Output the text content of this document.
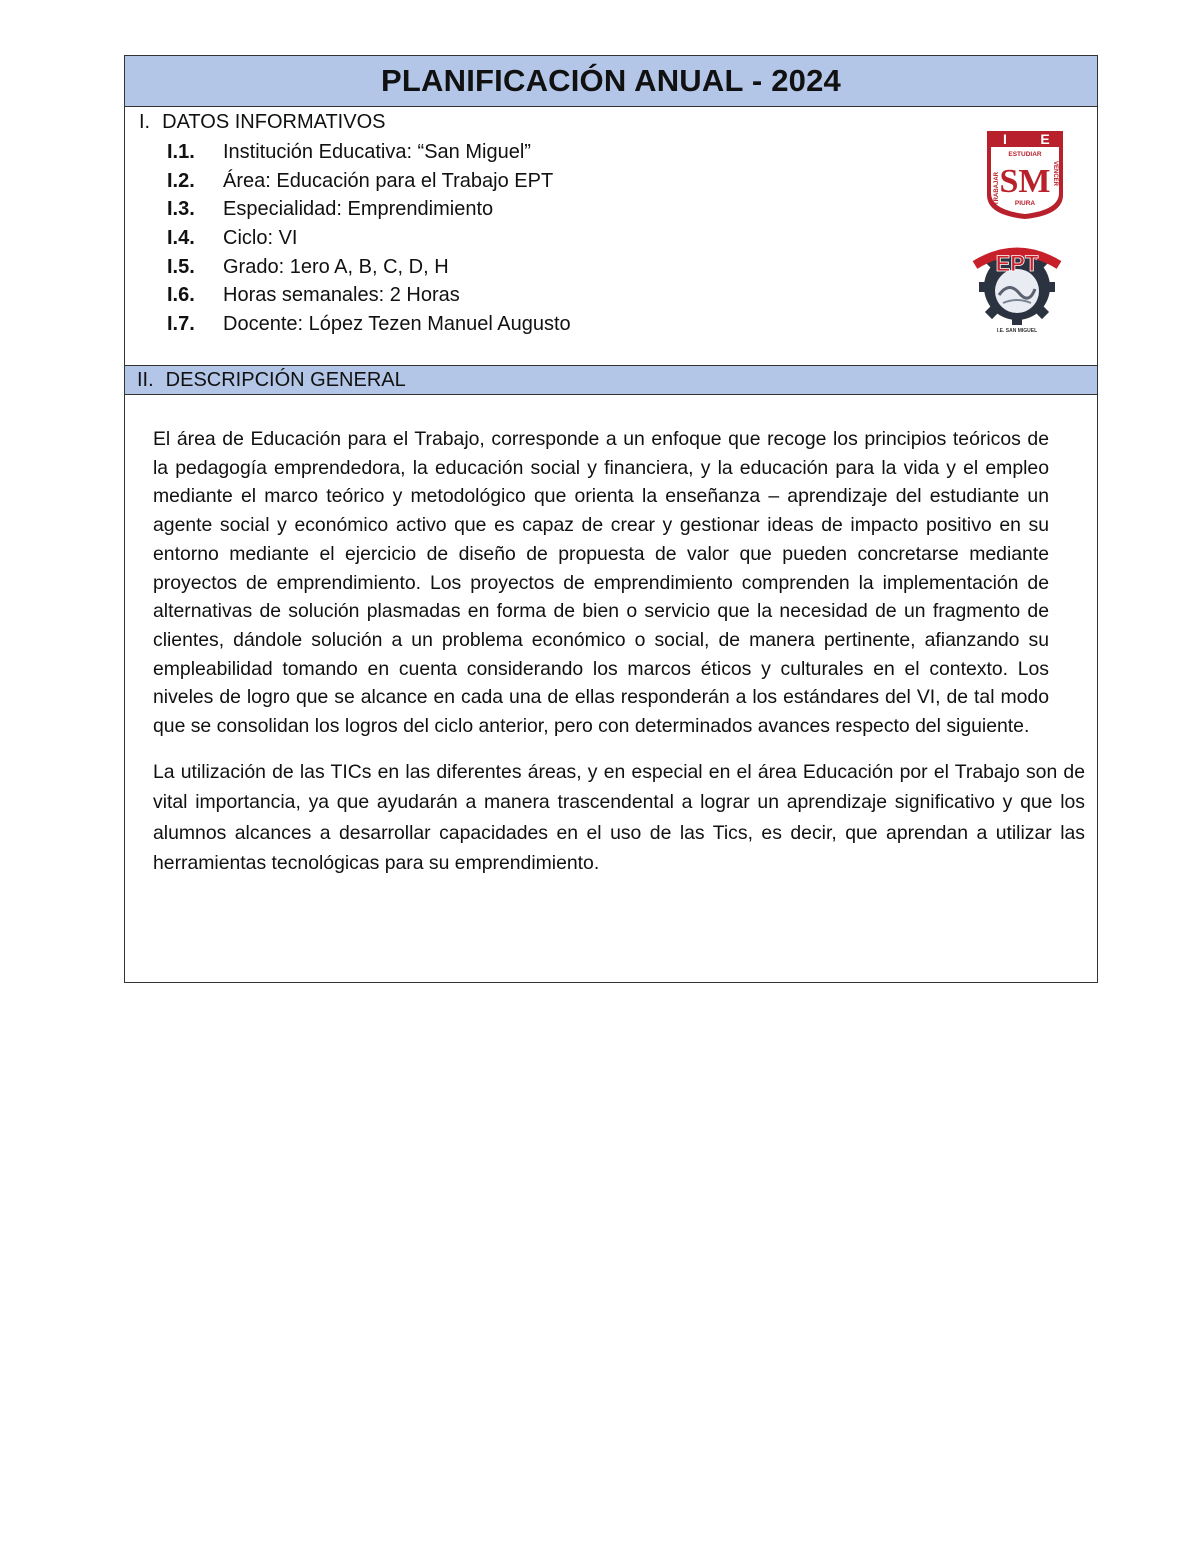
PLANIFICACIÓN ANUAL - 2024
I. DATOS INFORMATIVOS
I.1.	Institución Educativa: “San Miguel”
I.2.	Área: Educación para el Trabajo EPT
I.3.	Especialidad: Emprendimiento
I.4.	Ciclo: VI
I.5.	Grado: 1ero A, B, C, D, H
I.6.	Horas semanales: 2 Horas
I.7.	Docente: López Tezen Manuel Augusto
I E
ESTUDIAR
SM
PIURA
TRABAJAR	VENCER
EPT
I.E. SAN MIGUEL
II. DESCRIPCIÓN GENERAL

El área de Educación para el Trabajo, corresponde a un enfoque que recoge los principios teóricos de la pedagogía emprendedora, la educación social y financiera, y la educación para la vida y el empleo mediante el marco teórico y metodológico que orienta la enseñanza – aprendizaje del estudiante un agente social y económico activo que es capaz de crear y gestionar ideas de impacto positivo en su entorno mediante el ejercicio de diseño de propuesta de valor que pueden concretarse mediante proyectos de emprendimiento. Los proyectos de emprendimiento comprenden la implementación de alternativas de solución plasmadas en forma de bien o servicio que la necesidad de un fragmento de clientes, dándole solución a un problema económico o social, de manera pertinente, afianzando su empleabilidad tomando en cuenta considerando los marcos éticos y culturales en el contexto. Los niveles de logro que se alcance en cada una de ellas responderán a los estándares del VI, de tal modo que se consolidan los logros del ciclo anterior, pero con determinados avances respecto del siguiente.

La utilización de las TICs en las diferentes áreas, y en especial en el área Educación por el Trabajo son de vital importancia, ya que ayudarán a manera trascendental a lograr un aprendizaje significativo y que los alumnos alcances a desarrollar capacidades en el uso de las Tics, es decir, que aprendan a utilizar las herramientas tecnológicas para su emprendimiento.
